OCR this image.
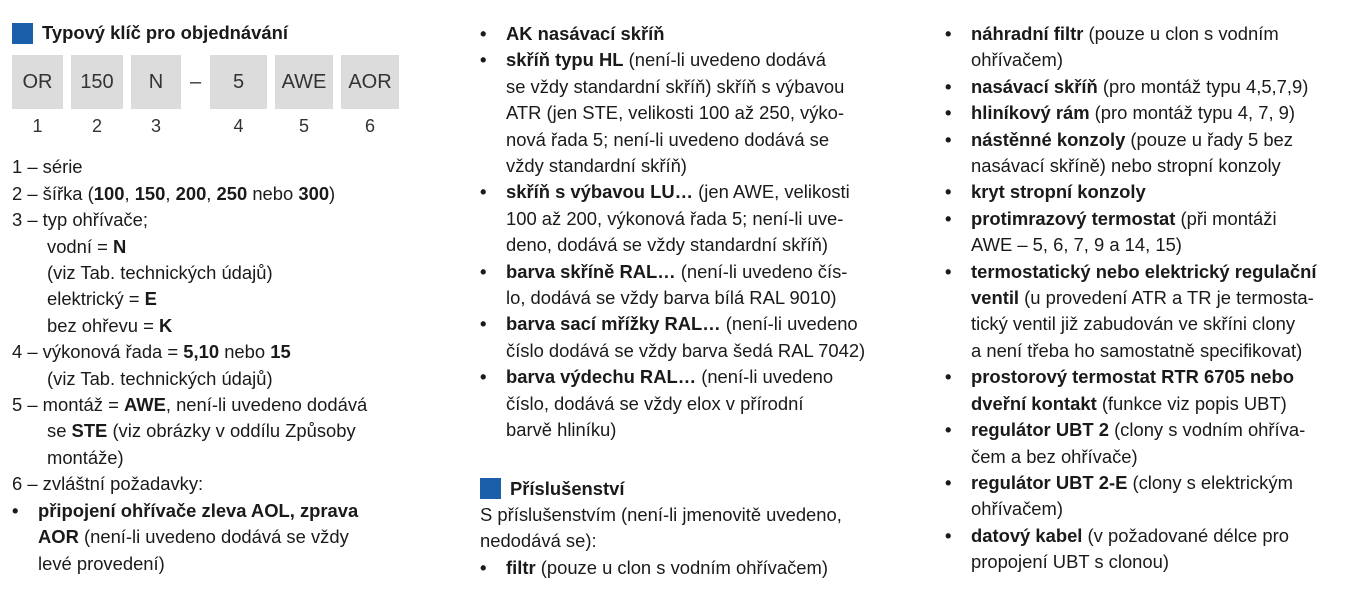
Typový klíč pro objednávání
OR	150	N	–	5	AWE	AOR
1	2	3	4	5	6
1 – série
2 – šířka (100, 150, 200, 250 nebo 300)
3 – typ ohřívače;
vodní = N
(viz Tab. technických údajů)
elektrický = E
bez ohřevu = K
4 – výkonová řada = 5,10 nebo 15
(viz Tab. technických údajů)
5 – montáž = AWE, není-li uvedeno dodává
se STE (viz obrázky v oddílu Způsoby
montáže)
6 – zvláštní požadavky:
• připojení ohřívače zleva AOL, zprava
AOR (není-li uvedeno dodává se vždy
levé provedení)
• AK nasávací skříň
• skříň typu HL (není-li uvedeno dodává
se vždy standardní skříň) skříň s výbavou
ATR (jen STE, velikosti 100 až 250, výko-
nová řada 5; není-li uvedeno dodává se
vždy standardní skříň)
• skříň s výbavou LU… (jen AWE, velikosti
100 až 200, výkonová řada 5; není-li uve-
deno, dodává se vždy standardní skříň)
• barva skříně RAL… (není-li uvedeno čís-
lo, dodává se vždy barva bílá RAL 9010)
• barva sací mřížky RAL… (není-li uvedeno
číslo dodává se vždy barva šedá RAL 7042)
• barva výdechu RAL… (není-li uvedeno
číslo, dodává se vždy elox v přírodní
barvě hliníku)
Příslušenství
S příslušenstvím (není-li jmenovitě uvedeno,
nedodává se):
• filtr (pouze u clon s vodním ohřívačem)
• náhradní filtr (pouze u clon s vodním
ohřívačem)
• nasávací skříň (pro montáž typu 4,5,7,9)
• hliníkový rám (pro montáž typu 4, 7, 9)
• nástěnné konzoly (pouze u řady 5 bez
nasávací skříně) nebo stropní konzoly
• kryt stropní konzoly
• protimrazový termostat (při montáži
AWE – 5, 6, 7, 9 a 14, 15)
• termostatický nebo elektrický regulační
ventil (u provedení ATR a TR je termosta-
tický ventil již zabudován ve skříni clony
a není třeba ho samostatně specifikovat)
• prostorový termostat RTR 6705 nebo
dveřní kontakt (funkce viz popis UBT)
• regulátor UBT 2 (clony s vodním ohříva-
čem a bez ohřívače)
• regulátor UBT 2-E (clony s elektrickým
ohřívačem)
• datový kabel (v požadované délce pro
propojení UBT s clonou)
